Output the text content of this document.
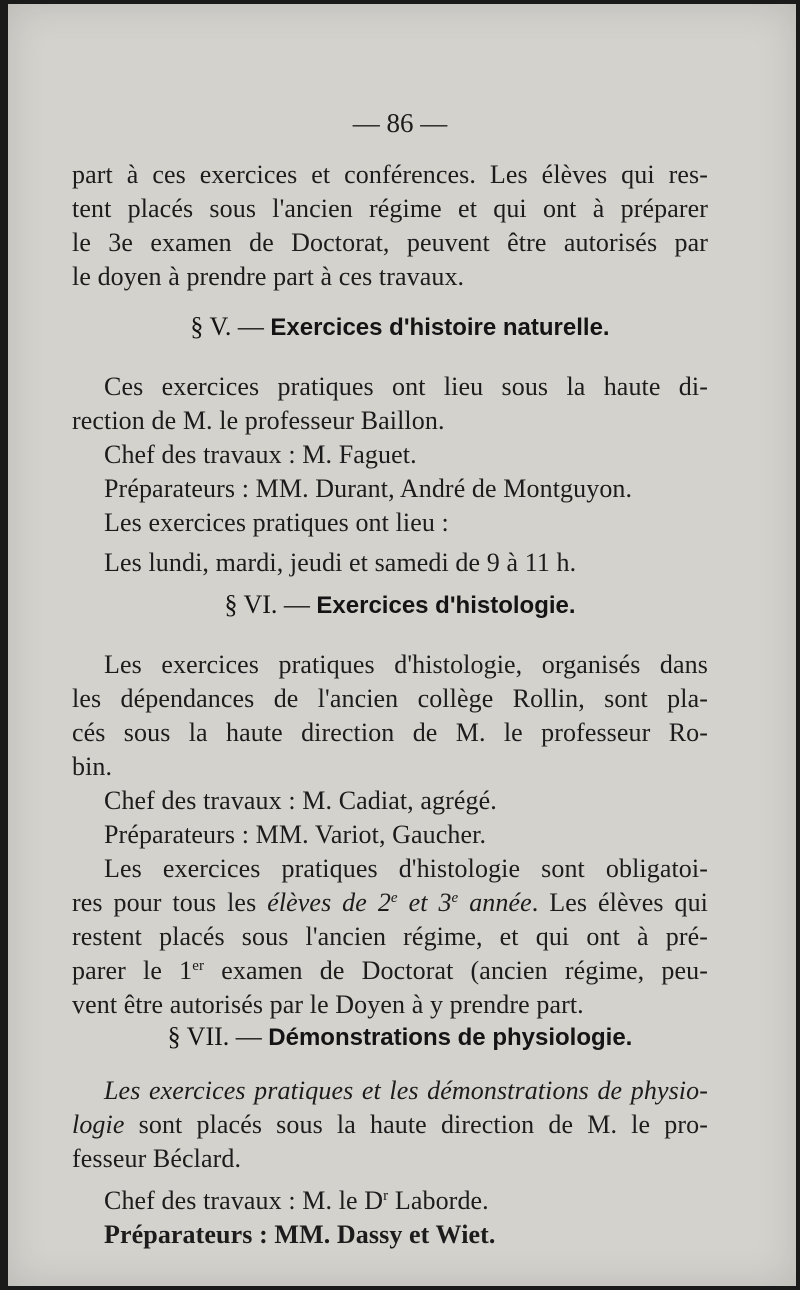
— 86 —
part à ces exercices et conférences. Les élèves qui res-
tent placés sous l'ancien régime et qui ont à préparer
le 3e examen de Doctorat, peuvent être autorisés par
le doyen à prendre part à ces travaux.
§ V. — Exercices d'histoire naturelle.
Ces exercices pratiques ont lieu sous la haute di-
rection de M. le professeur Baillon.
Chef des travaux : M. Faguet.
Préparateurs : MM. Durant, André de Montguyon.
Les exercices pratiques ont lieu :
Les lundi, mardi, jeudi et samedi de 9 à 11 h.
§ VI. — Exercices d'histologie.
Les exercices pratiques d'histologie, organisés dans
les dépendances de l'ancien collège Rollin, sont pla-
cés sous la haute direction de M. le professeur Ro-
bin.
Chef des travaux : M. Cadiat, agrégé.
Préparateurs : MM. Variot, Gaucher.
Les exercices pratiques d'histologie sont obligatoi-
res pour tous les élèves de 2e et 3e année. Les élèves qui
restent placés sous l'ancien régime, et qui ont à pré-
parer le 1er examen de Doctorat (ancien régime, peu-
vent être autorisés par le Doyen à y prendre part.
§ VII. — Démonstrations de physiologie.
Les exercices pratiques et les démonstrations de physio-
logie sont placés sous la haute direction de M. le pro-
fesseur Béclard.
Chef des travaux : M. le $D^r$ Laborde.
Préparateurs : MM. Dassy et Wiet.
